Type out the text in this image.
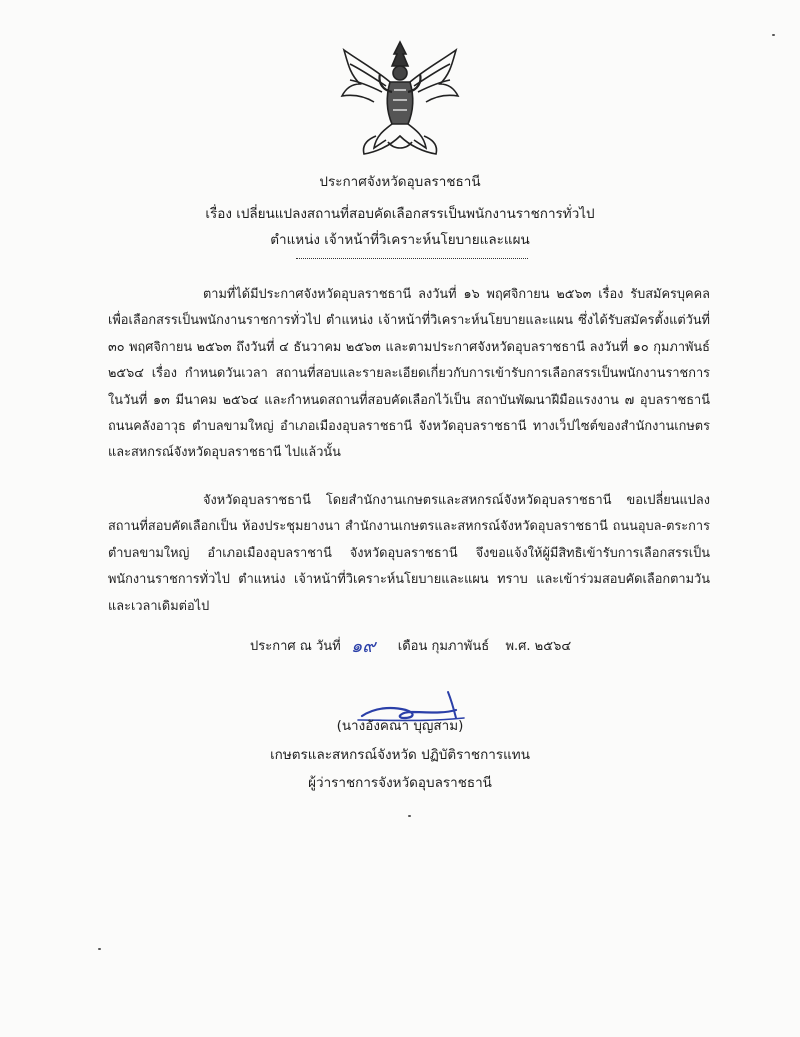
ประกาศจังหวัดอุบลราชธานี
เรื่อง เปลี่ยนแปลงสถานที่สอบคัดเลือกสรรเป็นพนักงานราชการทั่วไป
ตำแหน่ง เจ้าหน้าที่วิเคราะห์นโยบายและแผน

ตามที่ได้มีประกาศจังหวัดอุบลราชธานี ลงวันที่ ๑๖ พฤศจิกายน ๒๕๖๓ เรื่อง รับสมัครบุคคลเพื่อเลือกสรรเป็นพนักงานราชการทั่วไป ตำแหน่ง เจ้าหน้าที่วิเคราะห์นโยบายและแผน ซึ่งได้รับสมัครตั้งแต่วันที่ ๓๐ พฤศจิกายน ๒๕๖๓ ถึงวันที่ ๔ ธันวาคม ๒๕๖๓ และตามประกาศจังหวัดอุบลราชธานี ลงวันที่ ๑๐ กุมภาพันธ์ ๒๕๖๔ เรื่อง กำหนดวันเวลา สถานที่สอบและรายละเอียดเกี่ยวกับการเข้ารับการเลือกสรรเป็นพนักงานราชการ ในวันที่ ๑๓ มีนาคม ๒๕๖๔ และกำหนดสถานที่สอบคัดเลือกไว้เป็น สถาบันพัฒนาฝีมือแรงงาน ๗ อุบลราชธานี ถนนคลังอาวุธ ตำบลขามใหญ่ อำเภอเมืองอุบลราชธานี จังหวัดอุบลราชธานี ทางเว็ปไซต์ของสำนักงานเกษตรและสหกรณ์จังหวัดอุบลราชธานี ไปแล้วนั้น

จังหวัดอุบลราชธานี โดยสำนักงานเกษตรและสหกรณ์จังหวัดอุบลราชธานี ขอเปลี่ยนแปลงสถานที่สอบคัดเลือกเป็น ห้องประชุมยางนา สำนักงานเกษตรและสหกรณ์จังหวัดอุบลราชธานี ถนนอุบล-ตระการ ตำบลขามใหญ่ อำเภอเมืองอุบลราชานี จังหวัดอุบลราชธานี จึงขอแจ้งให้ผู้มีสิทธิเข้ารับการเลือกสรรเป็นพนักงานราชการทั่วไป ตำแหน่ง เจ้าหน้าที่วิเคราะห์นโยบายและแผน ทราบ และเข้าร่วมสอบคัดเลือกตามวันและเวลาเดิมต่อไป

ประกาศ ณ วันที่ ๑๙ เดือน กุมภาพันธ์ พ.ศ. ๒๕๖๔
(นางอังคณา บุญสาม)
เกษตรและสหกรณ์จังหวัด ปฏิบัติราชการแทน
ผู้ว่าราชการจังหวัดอุบลราชธานี
